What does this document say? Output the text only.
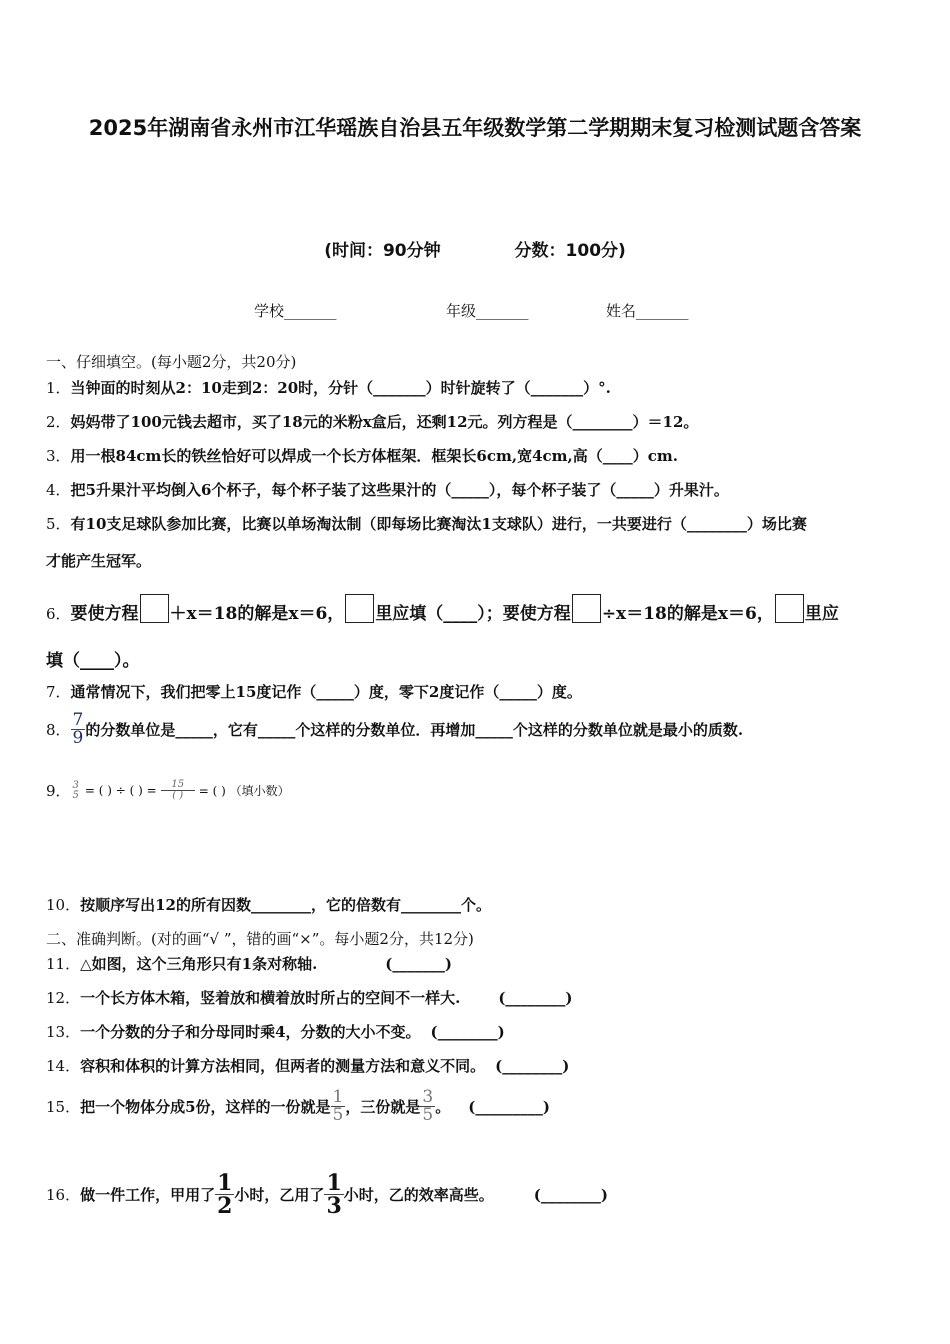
2025年湖南省永州市江华瑶族自治县五年级数学第二学期期末复习检测试题含答案
(时间：90分钟	分数：100分)
学校_______	年级_______	姓名_______
一、仔细填空。(每小题2分，共20分)
1．当钟面的时刻从2：10走到2：20时，分针（_______）时针旋转了（_______）°.
2．妈妈带了100元钱去超市，买了18元的米粉x盒后，还剩12元。列方程是（________）＝12。
3．用一根84cm长的铁丝恰好可以焊成一个长方体框架．框架长6cm,宽4cm,高（____）cm.
4．把5升果汁平均倒入6个杯子，每个杯子装了这些果汁的（_____），每个杯子装了（_____）升果汁。
5．有10支足球队参加比赛，比赛以单场淘汰制（即每场比赛淘汰1支球队）进行，一共要进行（________）场比赛
才能产生冠军。
6．要使方程 ＋x＝18的解是x＝6， 里应填（____）；要使方程 ÷x＝18的解是x＝6， 里应
填（____）。
7．通常情况下，我们把零上15度记作（_____）度，零下2度记作（_____）度。
8． $\frac{7}{9}$ 的分数单位是_____，它有_____个这样的分数单位．再增加_____个这样的分数单位就是最小的质数.
9． 3
5 = ( ) ÷ ( ) = $\frac{15}{( )}$ = ( ) （填小数）
10．按顺序写出12的所有因数________，它的倍数有________个。
二、准确判断。(对的画“√ ”，错的画“×”。每小题2分，共12分)
11．△如图，这个三角形只有1条对称轴.	(_______)
12．一个长方体木箱，竖着放和横着放时所占的空间不一样大.	(________)
13．一个分数的分子和分母同时乘4，分数的大小不变。 (________)
14．容积和体积的计算方法相同，但两者的测量方法和意义不同。 (________)
15．把一个物体分成5份，这样的一份就是 $\frac{1}{5}$ ，三份就是 $\frac{3}{5}$ 。 (_________)
16．做一件工作，甲用了 $\frac{1}{2}$ 小时，乙用了 $\frac{1}{3}$ 小时，乙的效率高些。	(________)
